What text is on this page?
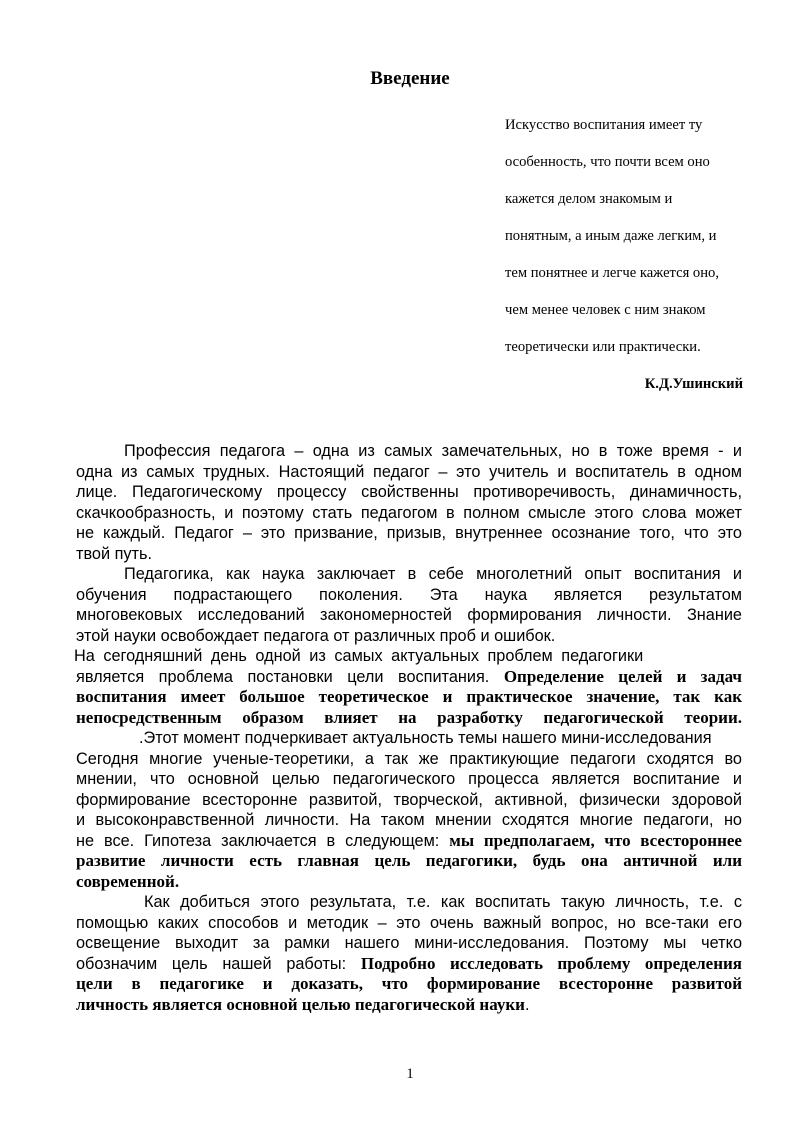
Введение
Искусство воспитания имеет ту
особенность, что почти всем оно
кажется делом знакомым и
понятным, а иным даже легким, и
тем понятнее и легче кажется оно,
чем менее человек с ним знаком
теоретически или практически.
К.Д.Ушинский
Профессия педагога – одна из самых замечательных, но в тоже время - и
одна из самых трудных. Настоящий педагог – это учитель и воспитатель в одном
лице. Педагогическому процессу свойственны противоречивость, динамичность,
скачкообразность, и поэтому стать педагогом в полном смысле этого слова может
не каждый. Педагог – это призвание, призыв, внутреннее осознание того, что это
твой путь.
Педагогика, как наука заключает в себе многолетний опыт воспитания и
обучения подрастающего поколения. Эта наука является результатом
многовековых исследований закономерностей формирования личности. Знание
этой науки освобождает педагога от различных проб и ошибок.
На сегодняшний день одной из самых актуальных проблем педагогики
является проблема постановки цели воспитания. Определение целей и задач
воспитания имеет большое теоретическое и практическое значение, так как
непосредственным образом влияет на разработку педагогической теории.
.Этот момент подчеркивает актуальность темы нашего мини-исследования
Сегодня многие ученые-теоретики, а так же практикующие педагоги сходятся во
мнении, что основной целью педагогического процесса является воспитание и
формирование всесторонне развитой, творческой, активной, физически здоровой
и высоконравственной личности. На таком мнении сходятся многие педагоги, но
не все. Гипотеза заключается в следующем: мы предполагаем, что всестороннее
развитие личности есть главная цель педагогики, будь она античной или
современной.
Как добиться этого результата, т.е. как воспитать такую личность, т.е. с
помощью каких способов и методик – это очень важный вопрос, но все-таки его
освещение выходит за рамки нашего мини-исследования. Поэтому мы четко
обозначим цель нашей работы: Подробно исследовать проблему определения
цели в педагогике и доказать, что формирование всесторонне развитой
личность является основной целью педагогической науки.
1
